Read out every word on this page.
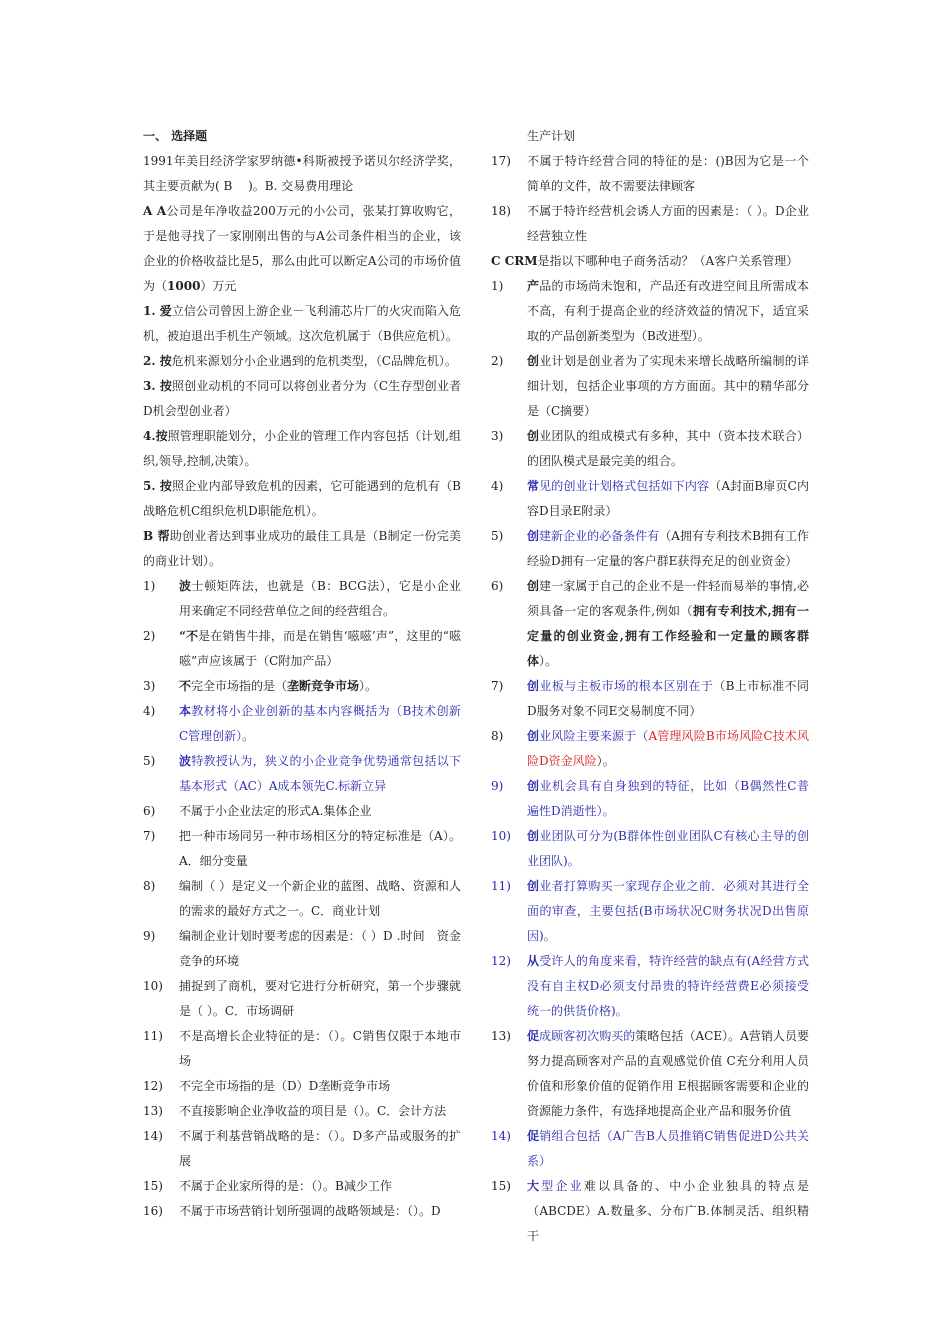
一、 选择题

1991年美目经济学家罗纳德•科斯被授予诺贝尔经济学奖，其主要贡献为( B　 )。B. 交易费用理论

A A公司是年净收益200万元的小公司，张某打算收购它，于是他寻找了一家刚刚出售的与A公司条件相当的企业，该企业的价格收益比是5，那么由此可以断定A公司的市场价值为（1000）万元

1. 爱立信公司曾因上游企业－飞利浦芯片厂的火灾而陷入危机，被迫退出手机生产领域。这次危机属于（B供应危机）。

2. 按危机来源划分小企业遇到的危机类型，（C品牌危机）。

3. 按照创业动机的不同可以将创业者分为（C生存型创业者 D机会型创业者）

4.按照管理职能划分，小企业的管理工作内容包括（计划,组织,领导,控制,决策）。

5. 按照企业内部导致危机的因素，它可能遇到的危机有（B战略危机C组织危机D职能危机）。

B 帮助创业者达到事业成功的最佳工具是（B制定一份完美的商业计划）。

1)	波士顿矩阵法，也就是（B：BCG法），它是小企业用来确定不同经营单位之间的经营组合。
2)	“不是在销售牛排，而是在销售‘嗞嗞’声”，这里的“嗞嗞”声应该属于（C附加产品）
3)	不完全市场指的是（垄断竞争市场）。
4)	本教材将小企业创新的基本内容概括为（B技术创新C管理创新）。
5)	波特教授认为，狭义的小企业竞争优势通常包括以下基本形式（AC）A成本领先C.标新立异
6)	不属于小企业法定的形式A.集体企业
7)	把一种市场同另一种市场相区分的特定标准是（A）。A．细分变量
8)	编制（ ）是定义一个新企业的蓝图、战略、资源和人的需求的最好方式之一。C．商业计划
9)	编制企业计划时要考虑的因素是：（ ）D .时间　资金　竞争的环境
10)	捕捉到了商机，要对它进行分析研究，第一个步骤就是（ ）。C．市场调研
11)	不是高增长企业特征的是：（）。C销售仅限于本地市场
12)	不完全市场指的是（D）D垄断竞争市场
13)	不直接影响企业净收益的项目是（）。C．会计方法
14)	不属于利基营销战略的是：（）。D多产品或服务的扩展
15)	不属于企业家所得的是：（）。B减少工作
16)	不属于市场营销计划所强调的战略领域是：（）。D
生产计划
17)	不属于特许经营合同的特征的是：()B因为它是一个简单的文件，故不需要法律顾客
18)	不属于特许经营机会诱人方面的因素是：（ ）。D企业经营独立性

C CRM是指以下哪种电子商务活动？（A客户关系管理）

1)	产品的市场尚未饱和，产品还有改进空间且所需成本不高，有利于提高企业的经济效益的情况下，适宜采取的产品创新类型为（B改进型）。
2)	创业计划是创业者为了实现未来增长战略所编制的详细计划，包括企业事项的方方面面。其中的精华部分是（C摘要）
3)	创业团队的组成模式有多种，其中（资本技术联合）的团队模式是最完美的组合。
4)	常见的创业计划格式包括如下内容（A封面B扉页C内容D目录E附录）
5)	创建新企业的必备条件有（A拥有专利技术B拥有工作经验D拥有一定量的客户群E获得充足的创业资金）
6)	创建一家属于自己的企业不是一件轻而易举的事情,必须具备一定的客观条件,例如（拥有专利技术,拥有一定量的创业资金,拥有工作经验和一定量的顾客群体）。
7)	创业板与主板市场的根本区别在于（B上市标准不同D服务对象不同E交易制度不同）
8)	创业风险主要来源于（A管理风险B市场风险C技术风险D资金风险）。
9)	创业机会具有自身独到的特征，比如（B偶然性C普遍性D消逝性）。
10)	创业团队可分为(B群体性创业团队C有核心主导的创业团队)。
11)	创业者打算购买一家现存企业之前．必须对其进行全面的审查，主要包括(B市场状况C财务状况D出售原因)。
12)	从受许人的角度来看，特许经营的缺点有(A经营方式没有自主权D必须支付昂贵的特许经营费E必须接受统一的供货价格)。
13)	促成顾客初次购买的策略包括（ACE）。A营销人员要努力提高顾客对产品的直观感觉价值 C充分利用人员价值和形象价值的促销作用 E根据顾客需要和企业的资源能力条件，有选择地提高企业产品和服务价值
14)	促销组合包括（A广告B人员推销C销售促进D公共关系）
15)	大型企业难以具备的、中小企业独具的特点是（ABCDE）A.数量多、分布广B.体制灵活、组织精干
